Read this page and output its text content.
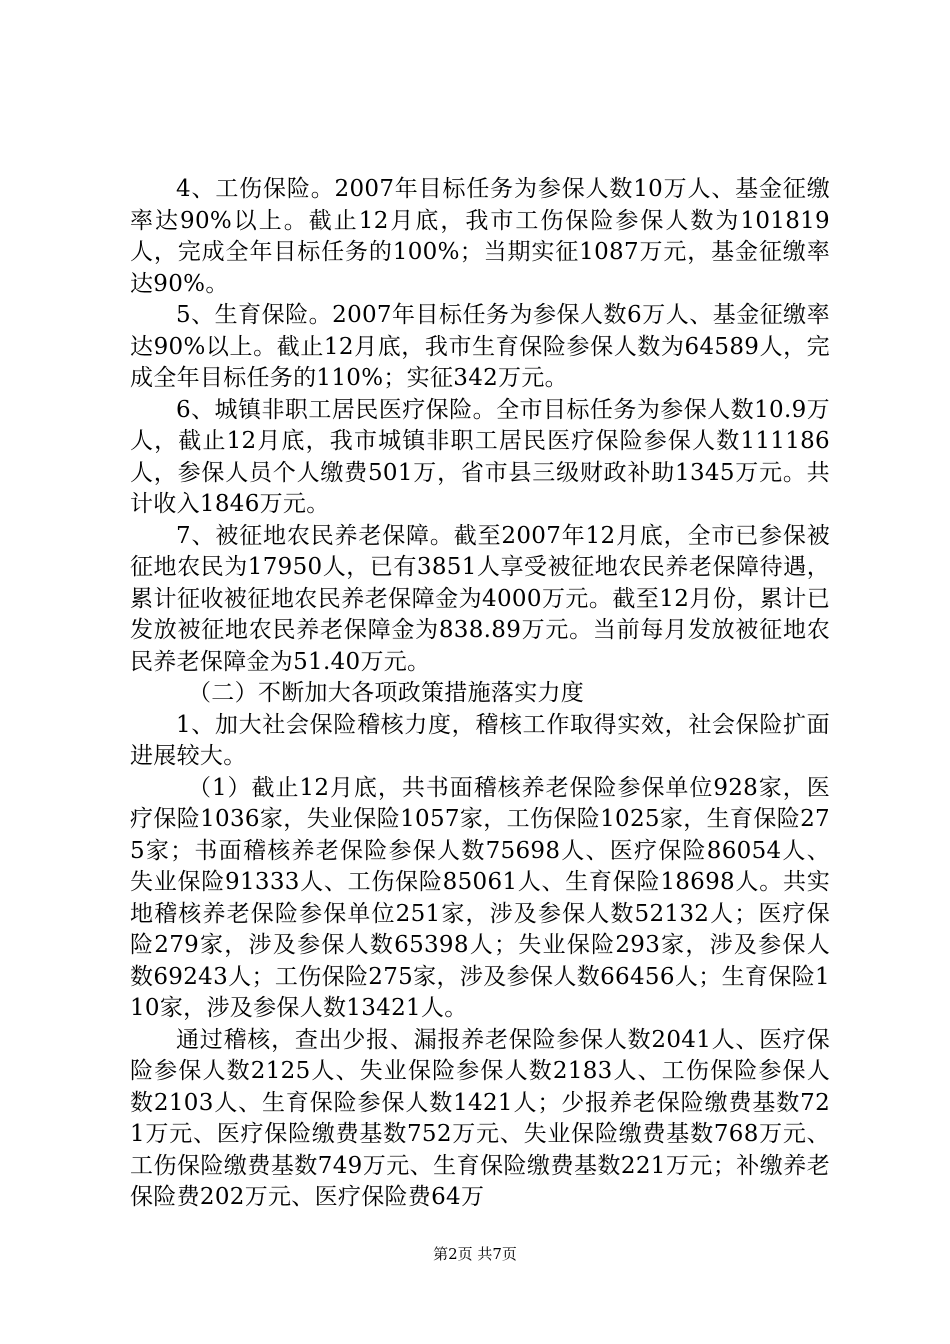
4、工伤保险。2007年目标任务为参保人数10万人、基金征缴率达90%以上。截止12月底，我市工伤保险参保人数为101819人，完成全年目标任务的100%；当期实征1087万元，基金征缴率达90%。

5、生育保险。2007年目标任务为参保人数6万人、基金征缴率达90%以上。截止12月底，我市生育保险参保人数为64589人，完成全年目标任务的110%；实征342万元。

6、城镇非职工居民医疗保险。全市目标任务为参保人数10.9万人，截止12月底，我市城镇非职工居民医疗保险参保人数111186人，参保人员个人缴费501万，省市县三级财政补助1345万元。共计收入1846万元。

7、被征地农民养老保障。截至2007年12月底，全市已参保被征地农民为17950人，已有3851人享受被征地农民养老保障待遇，累计征收被征地农民养老保障金为4000万元。截至12月份，累计已发放被征地农民养老保障金为838.89万元。当前每月发放被征地农民养老保障金为51.40万元。

（二）不断加大各项政策措施落实力度

1、加大社会保险稽核力度，稽核工作取得实效，社会保险扩面进展较大。

（1）截止12月底，共书面稽核养老保险参保单位928家，医疗保险1036家，失业保险1057家，工伤保险1025家，生育保险275家；书面稽核养老保险参保人数75698人、医疗保险86054人、失业保险91333人、工伤保险85061人、生育保险18698人。共实地稽核养老保险参保单位251家，涉及参保人数52132人；医疗保险279家，涉及参保人数65398人；失业保险293家，涉及参保人数69243人；工伤保险275家，涉及参保人数66456人；生育保险110家，涉及参保人数13421人。

通过稽核，查出少报、漏报养老保险参保人数2041人、医疗保险参保人数2125人、失业保险参保人数2183人、工伤保险参保人数2103人、生育保险参保人数1421人；少报养老保险缴费基数721万元、医疗保险缴费基数752万元、失业保险缴费基数768万元、工伤保险缴费基数749万元、生育保险缴费基数221万元；补缴养老保险费202万元、医疗保险费64万

第2页 共7页
